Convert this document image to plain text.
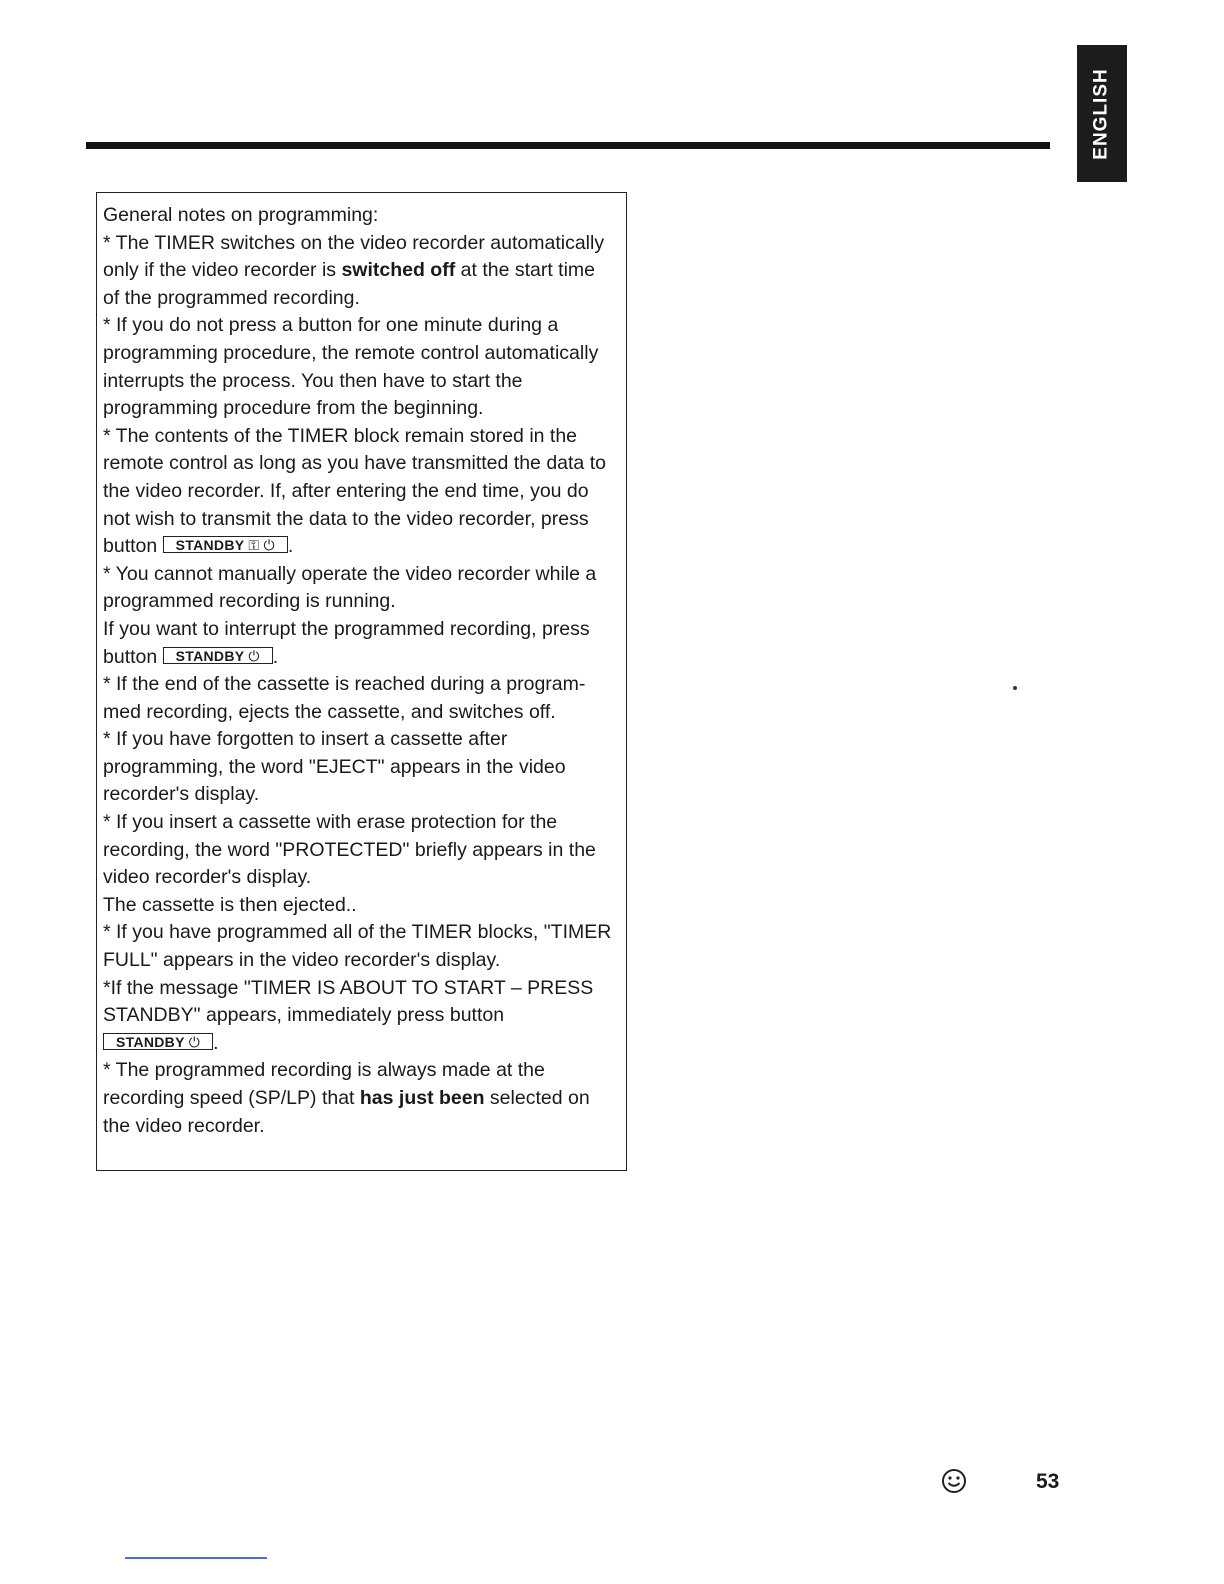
ENGLISH

General notes on programming:

* The TIMER switches on the video recorder automatically only if the video recorder is switched off at the start time of the programmed recording.

* If you do not press a button for one minute during a programming procedure, the remote control automatically interrupts the process. You then have to start the programming procedure from the beginning.

* The contents of the TIMER block remain stored in the remote control as long as you have transmitted the data to the video recorder. If, after entering the end time, you do not wish to transmit the data to the video recorder, press button STANDBY ⚿ ⏻ .

* You cannot manually operate the video recorder while a programmed recording is running.

If you want to interrupt the programmed recording, press button STANDBY ⏻ .

* If the end of the cassette is reached during a program-med recording, ejects the cassette, and switches off.

* If you have forgotten to insert a cassette after programming, the word "EJECT" appears in the video recorder's display.

* If you insert a cassette with erase protection for the recording, the word "PROTECTED" briefly appears in the video recorder's display.

The cassette is then ejected..

* If you have programmed all of the TIMER blocks, "TIMER FULL" appears in the video recorder's display.

*If the message "TIMER IS ABOUT TO START – PRESS STANDBY" appears, immediately press button
STANDBY ⏻ .

* The programmed recording is always made at the recording speed (SP/LP) that has just been selected on the video recorder.

53
